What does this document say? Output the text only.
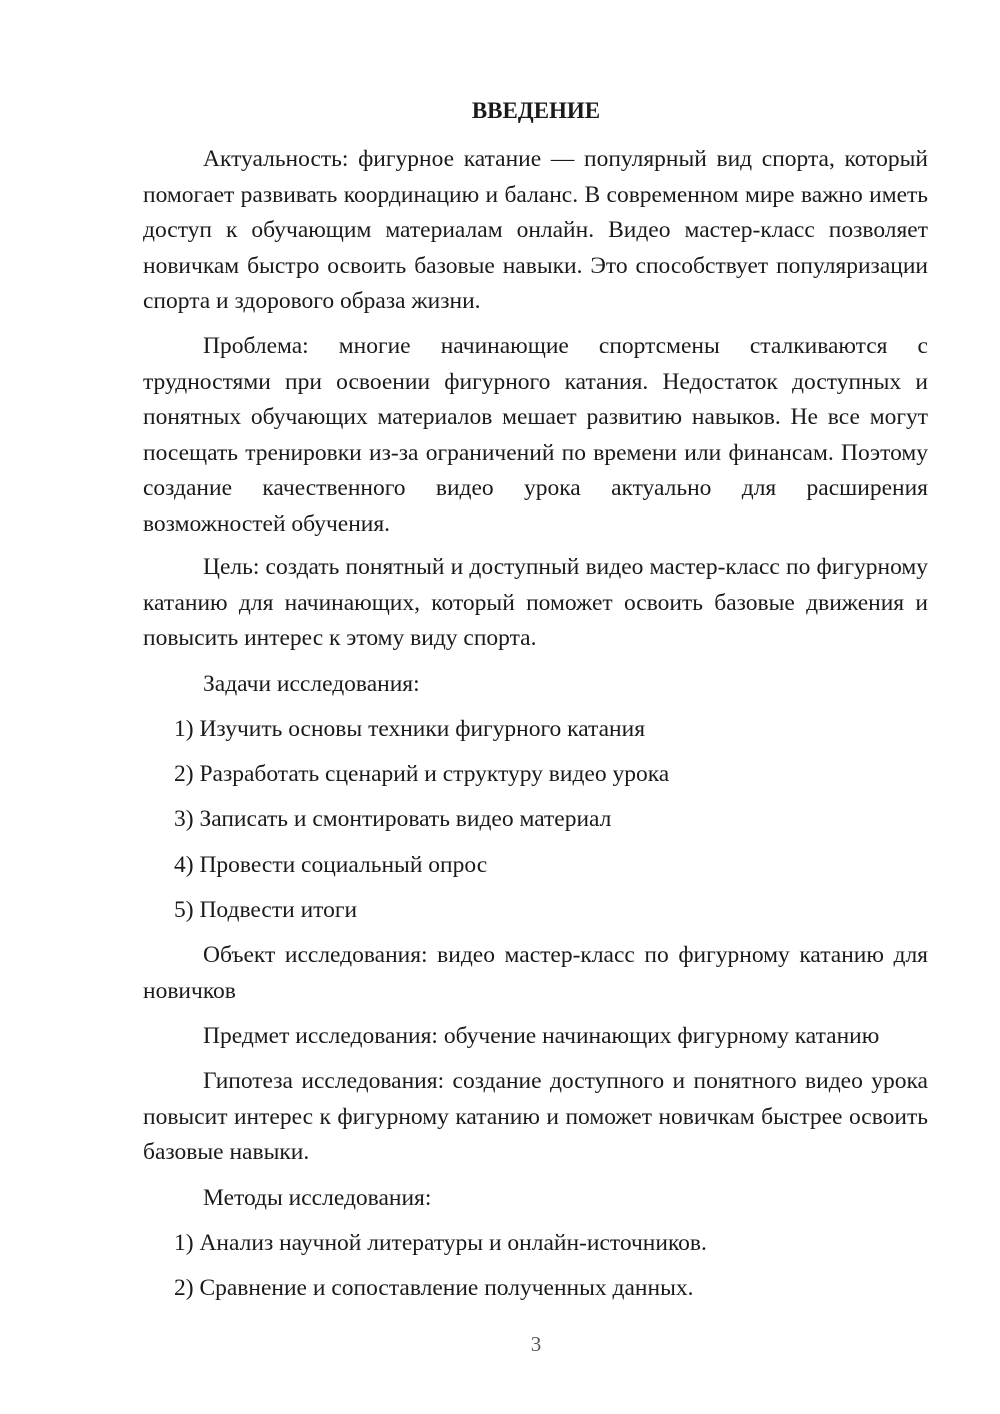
ВВЕДЕНИЕ

Актуальность: фигурное катание — популярный вид спорта, который помогает развивать координацию и баланс. В современном мире важно иметь доступ к обучающим материалам онлайн. Видео мастер-класс позволяет новичкам быстро освоить базовые навыки. Это способствует популяризации спорта и здорового образа жизни.

Проблема: многие начинающие спортсмены сталкиваются с трудностями при освоении фигурного катания. Недостаток доступных и понятных обучающих материалов мешает развитию навыков. Не все могут посещать тренировки из-за ограничений по времени или финансам. Поэтому создание качественного видео урока актуально для расширения возможностей обучения.

Цель: создать понятный и доступный видео мастер-класс по фигурному катанию для начинающих, который поможет освоить базовые движения и повысить интерес к этому виду спорта.

Задачи исследования:
1) Изучить основы техники фигурного катания
2) Разработать сценарий и структуру видео урока
3) Записать и смонтировать видео материал
4) Провести социальный опрос
5) Подвести итоги

Объект исследования: видео мастер-класс по фигурному катанию для новичков

Предмет исследования: обучение начинающих фигурному катанию

Гипотеза исследования: создание доступного и понятного видео урока повысит интерес к фигурному катанию и поможет новичкам быстрее освоить базовые навыки.

Методы исследования:
1) Анализ научной литературы и онлайн-источников.
2) Сравнение и сопоставление полученных данных.
3
